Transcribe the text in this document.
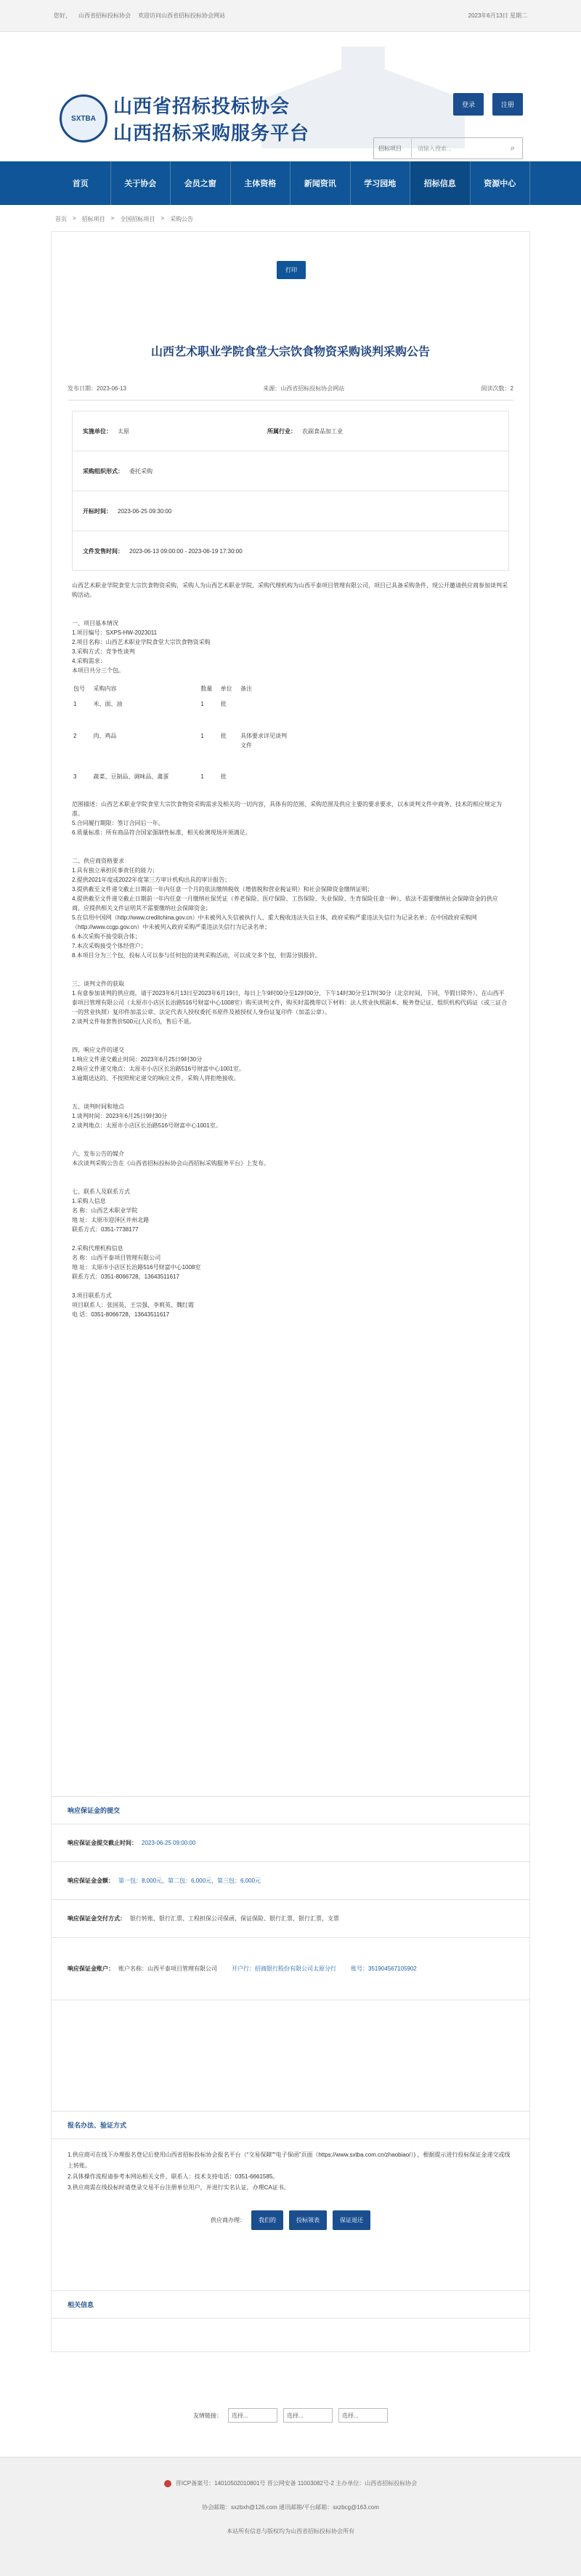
您好， 山西省招标投标协会 欢迎访问山西省招标投标协会网站	2023年6月13日 星期二
SXTBA
山西省招标投标协会
山西招标采购服务平台
登录	注册
招标项目	请输入搜索...	⌕
首页	关于协会	会员之窗	主体资格	新闻资讯	学习园地	招标信息	资源中心
首页 > 招标项目 > 全国招标项目 > 采购公告
打印
山西艺术职业学院食堂大宗饮食物资采购谈判采购公告
发布日期：2023-06-13	来源：山西省招标投标协会网站	阅读次数：2
实施单位： 太原	所属行业： 农副食品加工业
采购组织形式： 委托采购
开标时间： 2023-06-25 09:30:00
文件发售时间： 2023-06-13 09:00:00 - 2023-06-19 17:30:00

山西艺术职业学院食堂大宗饮食物资采购，采购人为山西艺术职业学院，采购代理机构为山西平泰项目管理有限公司，项目已具备采购条件，现公开邀请供应商参加谈判采购活动。

一、项目基本情况

1.项目编号：SXPS-HW-2023011

2.项目名称：山西艺术职业学院食堂大宗饮食物资采购

3.采购方式：竞争性谈判

4.采购需求：

本项目共分三个包。

包号	采购内容	数量	单位	备注
1	米、面、油	1	批	
2	肉、鸡品	1	批	具体要求详见谈判文件
3	蔬菜、豆制品、调味品、禽蛋	1	批	

范围描述：山西艺术职业学院食堂大宗饮食物资采购需求及相关的一切内容，具体有的范围、采购范围及供应主要的要求要求，以本谈判文件中商务、技术的相应规定为准。

5.合同履行期限：签订合同后一年。

6.质量标准：所有商品符合国家强制性标准，相关检测现场并须满足。

二、供应商资格要求

1.具有独立承担民事责任的能力；

2.提供2021年度或2022年度第三方审计机构出具的审计报告；

3.提供截至文件递交截止日期前一年内任意一个月的依法缴纳税收（增值税和营业税证明）和社会保障资金缴纳证明；

4.提供截至文件递交截止日期前一年内任意一月缴纳社保凭证（养老保险、医疗保险、工伤保险、失业保险、生育保险任意一种），依法不需要缴纳社会保障资金的供应商，应提供相关文件证明其不需要缴纳社会保障资金；

5.在信用中国网（http://www.creditchina.gov.cn）中未被列入失信被执行人、重大税收违法失信主体，政府采购严重违法失信行为记录名单；在中国政府采购网（http://www.ccgp.gov.cn）中未被列入政府采购严重违法失信行为记录名单；

6.本次采购不接受联合体；

7.本次采购接受个体经营户；

8.本项目分为三个包，投标人可以参与任何包的谈判采购活动，可以成交多个包，但需分别报价。

三、谈判文件的获取

1.有意参加谈判的供应商，请于2023年6月13日至2023年6月19日，每日上午9时00分至12时00分，下午14时30分至17时30分（北京时间，下同，节假日除外），在山西平泰项目管理有限公司（太原市小店区长治路516号财富中心1008室）购买谈判文件，购买时需携带以下材料：法人营业执照副本、税务登记证、组织机构代码证（或三证合一的营业执照）复印件加盖公章、法定代表人授权委托书原件及被授权人身份证复印件（加盖公章）。

2.谈判文件每套售价500元(人民币)，售后不退。

四、响应文件的递交

1.响应文件递交截止时间：2023年6月25日9时30分

2.响应文件递交地点：太原市小店区长治路516号财富中心1001室。

3.逾期送达的、不按照规定递交的响应文件，采购人将拒绝接收。

五、谈判时间和地点

1.谈判时间：2023年6月25日9时30分

2.谈判地点：太原市小店区长治路516号财富中心1001室。

六、发布公告的媒介

本次谈判采购公告在《山西省招标投标协会山西招标采购服务平台》上发布。

七、联系人及联系方式

1.采购人信息

名 称：山西艺术职业学院

地 址：太原市迎泽区并州北路

联系方式：0351-7738177

2.采购代理机构信息

名 称：山西平泰项目管理有限公司

地 址：太原市小店区长治路516号财富中心1008室

联系方式：0351-8066728，13643511617

3.项目联系方式

项目联系人：张国英、王宗强、李莉英、魏红霞

电 话：0351-8066728，13643511617

响应保证金的提交
响应保证金提交截止时间： 2023-06-25 09:00:00
响应保证金金额： 第一包：8,000元，第二包：6,000元，第三包：6,000元
响应保证金交付方式： 银行转账、银行汇票、工程担保公司保函、保证保险、银行汇票，银行汇票，支票
响应保证金账户： 账户名称：山西平泰项目管理有限公司	开户行：招商银行股份有限公司太原分行	账号：351904567105902
报名办法、验证方式
1.供应商可在线下办理报名登记后使用山西省招标投标协会报名平台（“交易保障”“电子保函”页面（https://www.sxtba.com.cn/zhaobiao/）) ，根据提示进行投标保证金递交或线上转账。
2.具体操作流程请参考本网站相关文件，联系人：技术支持电话：0351-6661585。
3.供应商需在线投标时请登录交易平台注册单位用户，并进行实名认证，办理CA证书。
供应商办理：	我们的	投标领表	保证退还
相关信息
友情链接：	选择...	选择...	选择...
晋ICP备案号：14010502010801号 晋公网安备 11003082号-2 主办单位：山西省招标投标协会
协会邮箱：sxzbxh@126.com 通讯邮箱/平台邮箱：sxzbcg@163.com
本站所有信息与版权均为山西省招标投标协会所有
